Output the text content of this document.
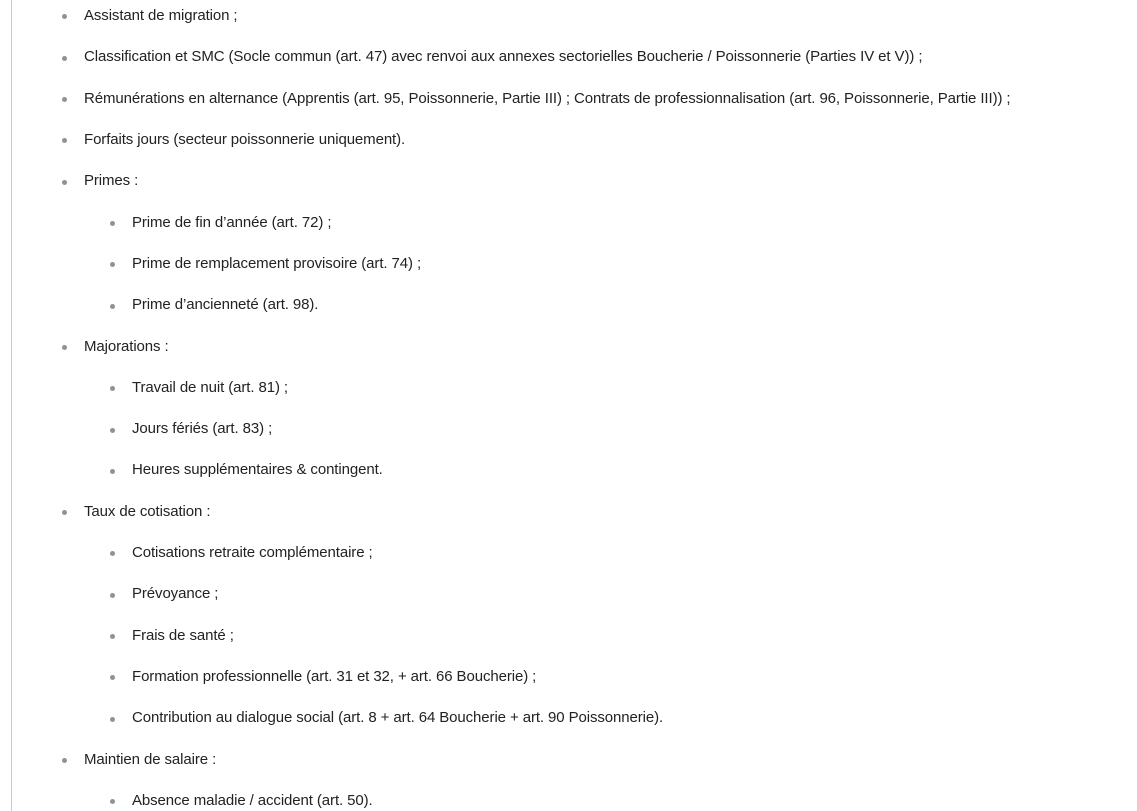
Assistant de migration ;
Classification et SMC (Socle commun (art. 47) avec renvoi aux annexes sectorielles Boucherie / Poissonnerie (Parties IV et V)) ;
Rémunérations en alternance (Apprentis (art. 95, Poissonnerie, Partie III) ; Contrats de professionnalisation (art. 96, Poissonnerie, Partie III)) ;
Forfaits jours (secteur poissonnerie uniquement).
Primes :
Prime de fin d’année (art. 72) ;
Prime de remplacement provisoire (art. 74) ;
Prime d’ancienneté (art. 98).
Majorations :
Travail de nuit (art. 81) ;
Jours fériés (art. 83) ;
Heures supplémentaires & contingent.
Taux de cotisation :
Cotisations retraite complémentaire ;
Prévoyance ;
Frais de santé ;
Formation professionnelle (art. 31 et 32, + art. 66 Boucherie) ;
Contribution au dialogue social (art. 8 + art. 64 Boucherie + art. 90 Poissonnerie).
Maintien de salaire :
Absence maladie / accident (art. 50).
